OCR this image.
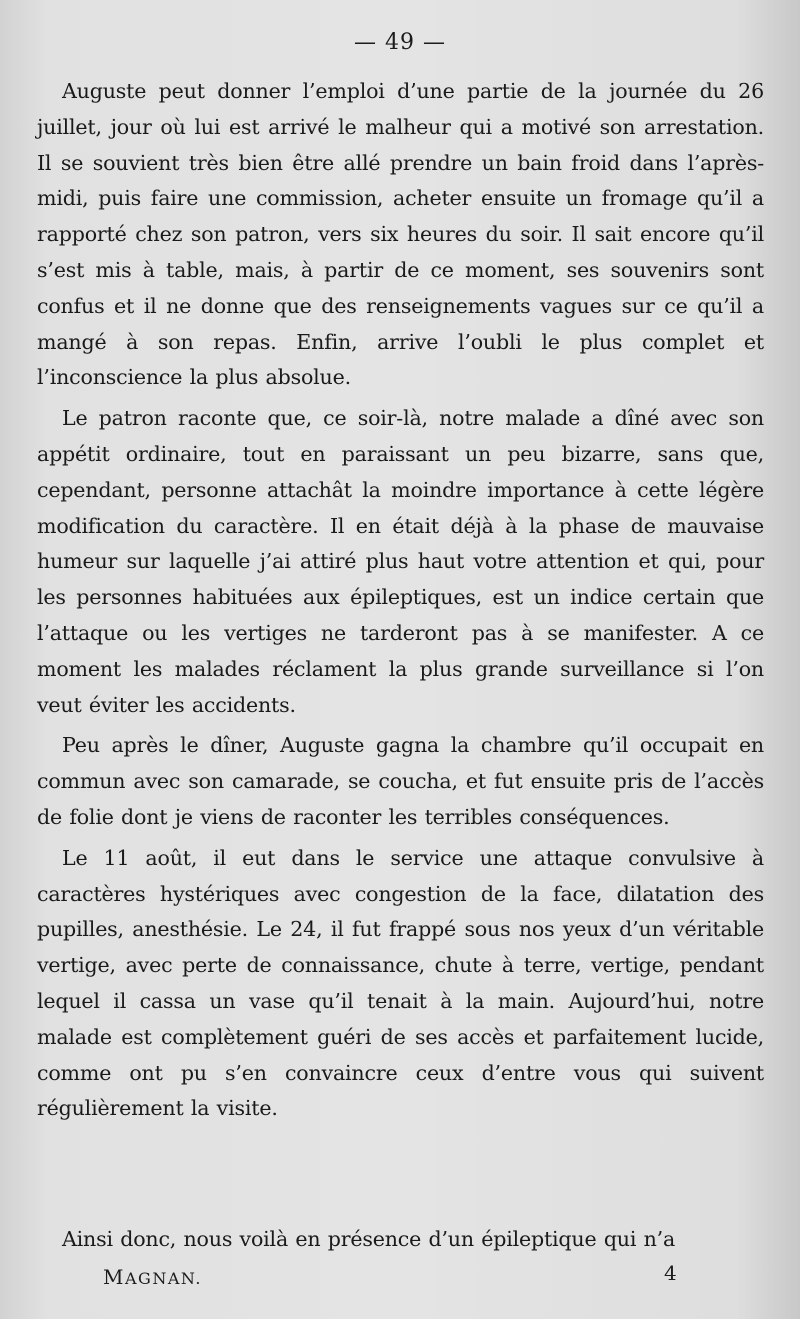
— 49 —

Auguste peut donner l’emploi d’une partie de la journée du 26 juillet, jour où lui est arrivé le malheur qui a motivé son arrestation. Il se souvient très bien être allé prendre un bain froid dans l’après-midi, puis faire une commission, acheter ensuite un fromage qu’il a rapporté chez son patron, vers six heures du soir. Il sait encore qu’il s’est mis à table, mais, à partir de ce moment, ses souvenirs sont confus et il ne donne que des renseignements vagues sur ce qu’il a mangé à son repas. Enfin, arrive l’oubli le plus complet et l’inconscience la plus absolue.

Le patron raconte que, ce soir-là, notre malade a dîné avec son appétit ordinaire, tout en paraissant un peu bizarre, sans que, cependant, personne attachât la moindre importance à cette légère modification du caractère. Il en était déjà à la phase de mauvaise humeur sur laquelle j’ai attiré plus haut votre attention et qui, pour les personnes habituées aux épileptiques, est un indice certain que l’attaque ou les vertiges ne tarderont pas à se manifester. A ce moment les malades réclament la plus grande surveillance si l’on veut éviter les accidents.

Peu après le dîner, Auguste gagna la chambre qu’il occupait en commun avec son camarade, se coucha, et fut ensuite pris de l’accès de folie dont je viens de raconter les terribles conséquences.

Le 11 août, il eut dans le service une attaque convulsive à caractères hystériques avec congestion de la face, dilatation des pupilles, anesthésie. Le 24, il fut frappé sous nos yeux d’un véritable vertige, avec perte de connaissance, chute à terre, vertige, pendant lequel il cassa un vase qu’il tenait à la main. Aujourd’hui, notre malade est complètement guéri de ses accès et parfaitement lucide, comme ont pu s’en convaincre ceux d’entre vous qui suivent régulièrement la visite.

Ainsi donc, nous voilà en présence d’un épileptique qui n’a

MAGNAN.	4
